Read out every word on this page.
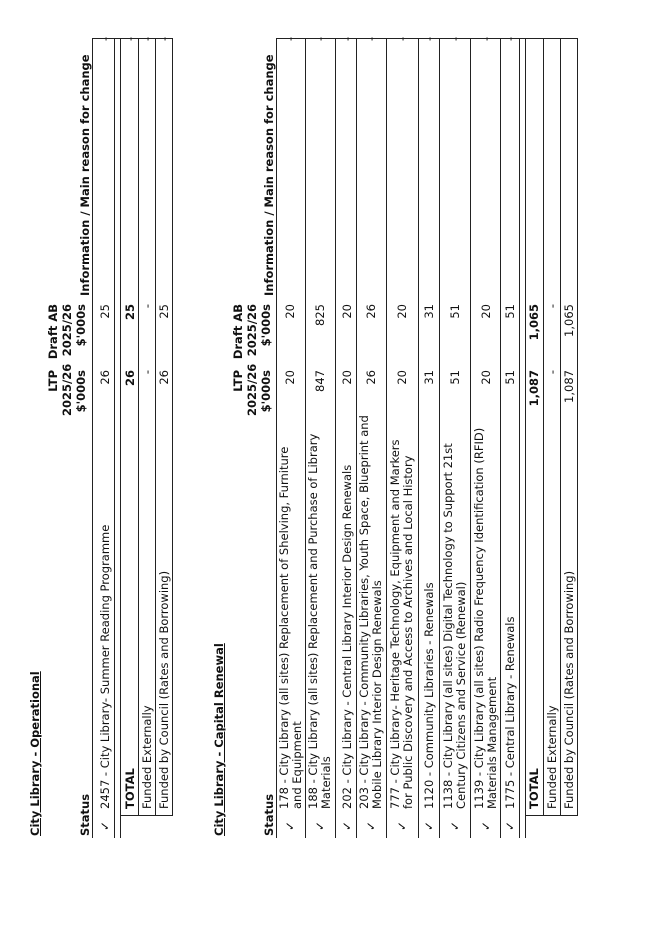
City Library - Operational	Status
LTP 2025/26 $'000s
Draft AB 2025/26 $'000s
Information / Main reason for change
✓
2457 - City Library- Summer Reading Programme
26
25
TOTAL
26
25
Funded Externally
-
-
Funded by Council (Rates and Borrowing)
26
25
City Library - Capital Renewal	Status
LTP 2025/26 $'000s
Draft AB 2025/26 $'000s
Information / Main reason for change
✓
178 - City Library (all sites) Replacement of Shelving, Furniture and Equipment
20
20
✓
188 - City Library (all sites) Replacement and Purchase of Library Materials
847
825
✓
202 - City Library - Central Library Interior Design Renewals
20
20
✓
203 - City Library - Community Libraries, Youth Space, Blueprint and Mobile Library Interior Design Renewals
26
26
✓
777 - City Library- Heritage Technology, Equipment and Markers for Public Discovery and Access to Archives and Local History
20
20
✓
1120 - Community Libraries - Renewals
31
31
✓
1138 - City Library (all sites) Digital Technology to Support 21st Century Citizens and Service (Renewal)
51
51
✓
1139 - City Library (all sites) Radio Frequency Identification (RFID) Materials Management
20
20
✓
1775 - Central Library - Renewals
51
51
TOTAL
1,087
1,065
Funded Externally
-
-
Funded by Council (Rates and Borrowing)
1,087
1,065
